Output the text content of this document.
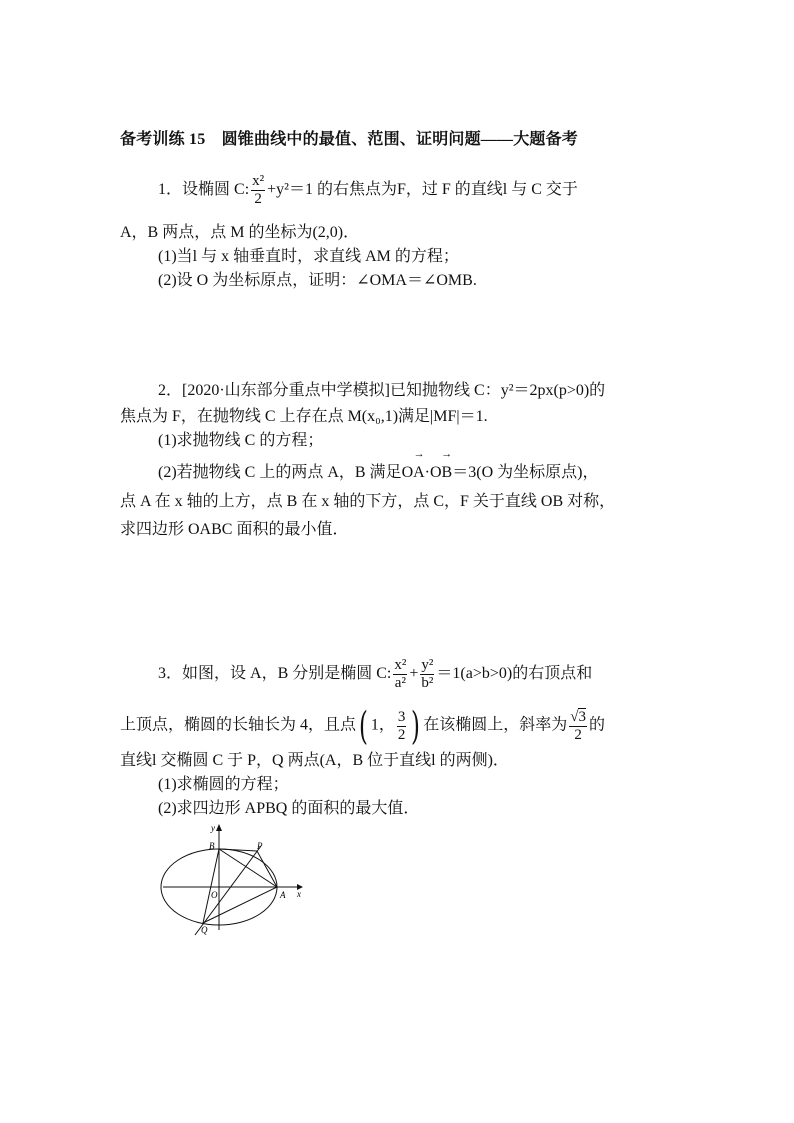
备考训练 15　圆锥曲线中的最值、范围、证明问题——大题备考
1．设椭圆 C: $\frac{\text{x²}}{2} +y^2=1$ 的右焦点为F，过 F 的直线l 与 C 交于
A，B 两点，点 M 的坐标为(2,0)．
(1)当l 与 x 轴垂直时，求直线 AM 的方程；
(2)设 O 为坐标原点，证明：∠OMA＝∠OMB.
2．[2020·山东部分重点中学模拟]已知抛物线 C：y²＝2px(p>0)的
焦点为 F，在抛物线 C 上存在点 M(x₀,1)满足|MF|＝1.
(1)求抛物线 C 的方程；
(2)若抛物线 C 上的两点 A，B 满足→ OA·→ OB＝3(O 为坐标原点)，
点 A 在 x 轴的上方，点 B 在 x 轴的下方，点 C，F 关于直线 OB 对称，
求四边形 OABC 面积的最小值．
3．如图，设 A，B 分别是椭圆 C: $\frac{\text{x²}}{\text{a²}} + \frac{\text{y²}}{\text{b²}} =1(a>b>0)$的右顶点和
上顶点，椭圆的长轴长为 4，且点( 1， $\frac{3}{2}$ ) 在该椭圆上，斜率为 $\frac{√3}{2}$ 的
直线l 交椭圆 C 于 P，Q 两点(A，B 位于直线l 的两侧)．
(1)求椭圆的方程；
(2)求四边形 APBQ 的面积的最大值．
y
x
B	P
O	A
Q
